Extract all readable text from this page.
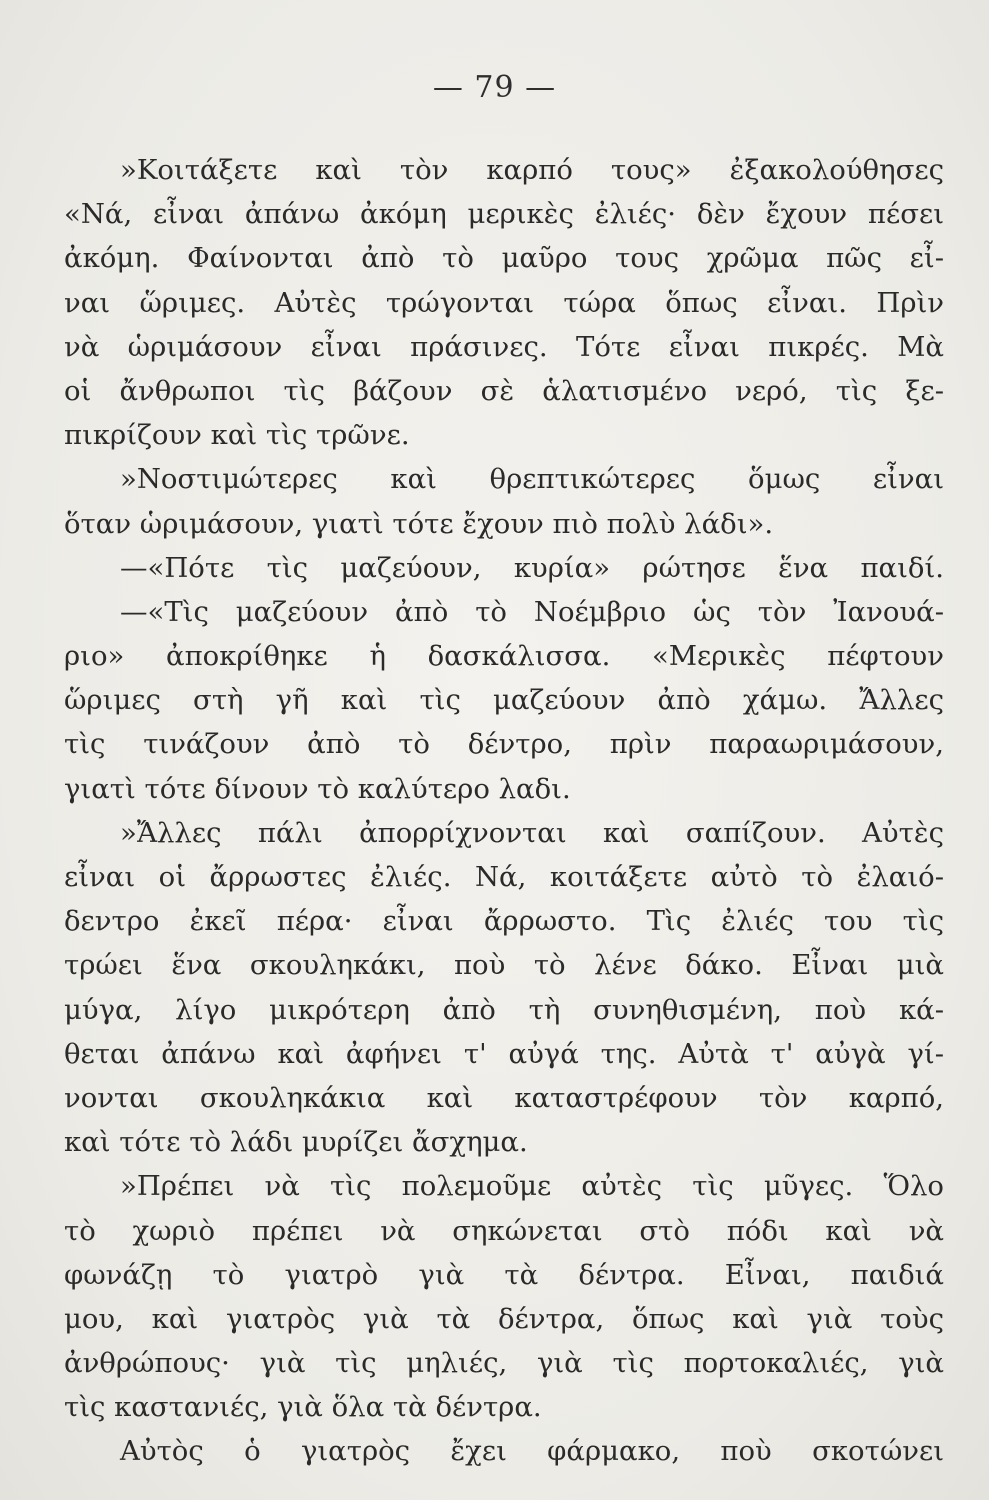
— 79 —
»Κοιτάξετε καὶ τὸν καρπό τους» ἐξακολούθησες
«Νά, εἶναι ἀπάνω ἀκόμη μερικὲς ἐλιές· δὲν ἔχουν πέσει
ἀκόμη. Φαίνονται ἀπὸ τὸ μαῦρο τους χρῶμα πῶς εἶ-
ναι ὥριμες. Αὐτὲς τρώγονται τώρα ὅπως εἶναι. Πρὶν
νὰ ὡριμάσουν εἶναι πράσινες. Τότε εἶναι πικρές. Μὰ
οἱ ἄνθρωποι τὶς βάζουν σὲ ἁλατισμένο νερό, τὶς ξε-
πικρίζουν καὶ τὶς τρῶνε.
»Νοστιμώτερες καὶ θρεπτικώτερες ὅμως εἶναι
ὅταν ὡριμάσουν, γιατὶ τότε ἔχουν πιὸ πολὺ λάδι».
—«Πότε τὶς μαζεύουν, κυρία» ρώτησε ἕνα παιδί.
—«Τὶς μαζεύουν ἀπὸ τὸ Νοέμβριο ὡς τὸν Ἰανουά-
ριο» ἀποκρίθηκε ἡ δασκάλισσα. «Μερικὲς πέφτουν
ὥριμες στὴ γῆ καὶ τὶς μαζεύουν ἀπὸ χάμω. Ἄλλες
τὶς τινάζουν ἀπὸ τὸ δέντρο, πρὶν παραωριμάσουν,
γιατὶ τότε δίνουν τὸ καλύτερο λαδι.
»Ἄλλες πάλι ἀπορρίχνονται καὶ σαπίζουν. Αὐτὲς
εἶναι οἱ ἄρρωστες ἐλιές. Νά, κοιτάξετε αὐτὸ τὸ ἐλαιό-
δεντρο ἐκεῖ πέρα· εἶναι ἄρρωστο. Τὶς ἐλιές του τὶς
τρώει ἕνα σκουληκάκι, ποὺ τὸ λένε δάκο. Εἶναι μιὰ
μύγα, λίγο μικρότερη ἀπὸ τὴ συνηθισμένη, ποὺ κά-
θεται ἀπάνω καὶ ἀφήνει τ' αὐγά της. Αὐτὰ τ' αὐγὰ γί-
νονται σκουληκάκια καὶ καταστρέφουν τὸν καρπό,
καὶ τότε τὸ λάδι μυρίζει ἄσχημα.
»Πρέπει νὰ τὶς πολεμοῦμε αὐτὲς τὶς μῦγες. Ὅλο
τὸ χωριὸ πρέπει νὰ σηκώνεται στὸ πόδι καὶ νὰ
φωνάζῃ τὸ γιατρὸ γιὰ τὰ δέντρα. Εἶναι, παιδιά
μου, καὶ γιατρὸς γιὰ τὰ δέντρα, ὅπως καὶ γιὰ τοὺς
ἀνθρώπους· γιὰ τὶς μηλιές, γιὰ τὶς πορτοκαλιές, γιὰ
τὶς καστανιές, γιὰ ὅλα τὰ δέντρα.
Αὐτὸς ὁ γιατρὸς ἔχει φάρμακο, ποὺ σκοτώνει
